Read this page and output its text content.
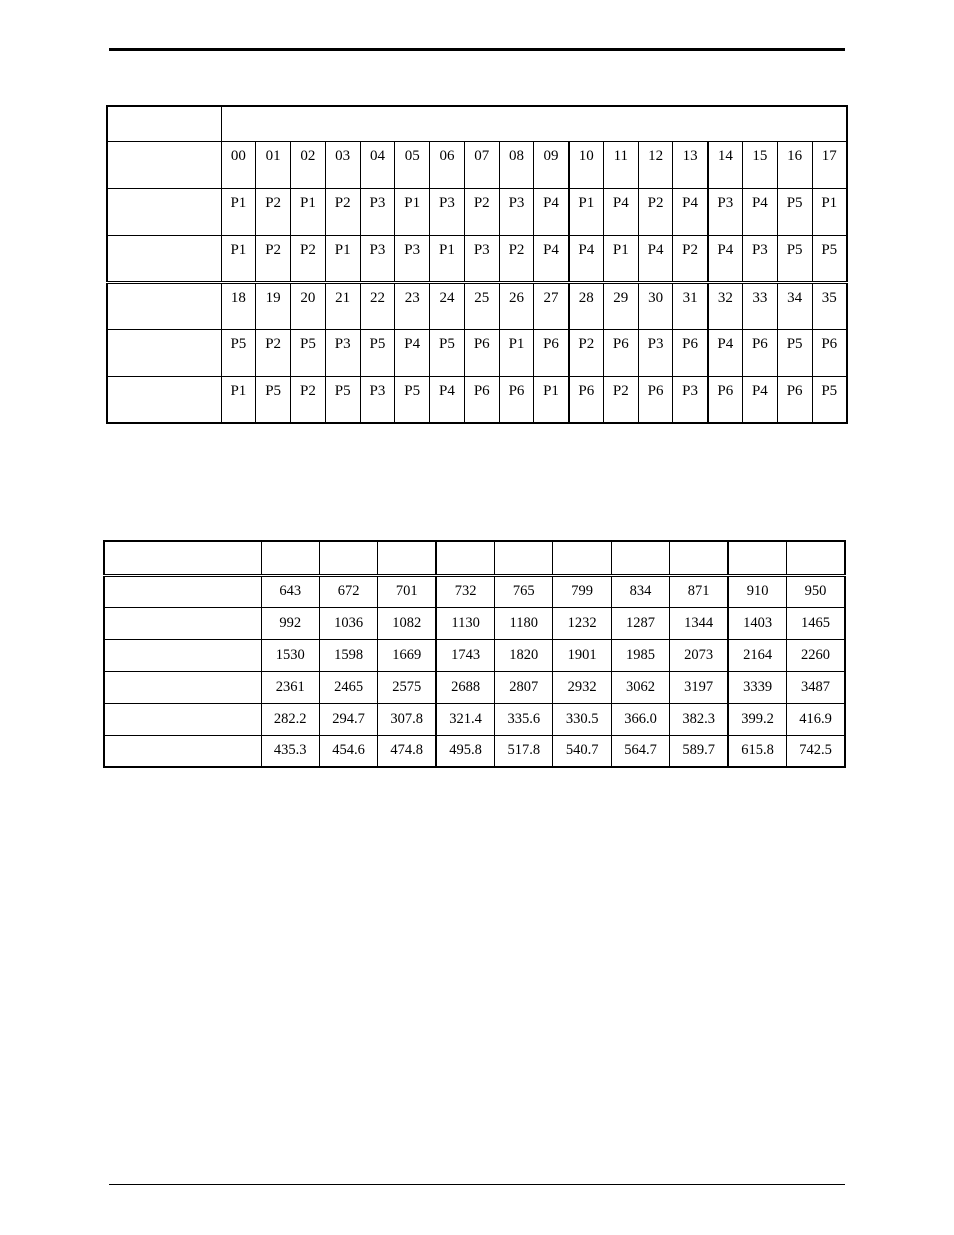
	00	01	02	03	04	05	06	07	08	09	10	11	12	13	14	15	16	17
	P1	P2	P1	P2	P3	P1	P3	P2	P3	P4	P1	P4	P2	P4	P3	P4	P5	P1
	P1	P2	P2	P1	P3	P3	P1	P3	P2	P4	P4	P1	P4	P2	P4	P3	P5	P5
	18	19	20	21	22	23	24	25	26	27	28	29	30	31	32	33	34	35
	P5	P2	P5	P3	P5	P4	P5	P6	P1	P6	P2	P6	P3	P6	P4	P6	P5	P6
	P1	P5	P2	P5	P3	P5	P4	P6	P6	P1	P6	P2	P6	P3	P6	P4	P6	P5

	643	672	701	732	765	799	834	871	910	950
	992	1036	1082	1130	1180	1232	1287	1344	1403	1465
	1530	1598	1669	1743	1820	1901	1985	2073	2164	2260
	2361	2465	2575	2688	2807	2932	3062	3197	3339	3487
	282.2	294.7	307.8	321.4	335.6	330.5	366.0	382.3	399.2	416.9
	435.3	454.6	474.8	495.8	517.8	540.7	564.7	589.7	615.8	742.5
